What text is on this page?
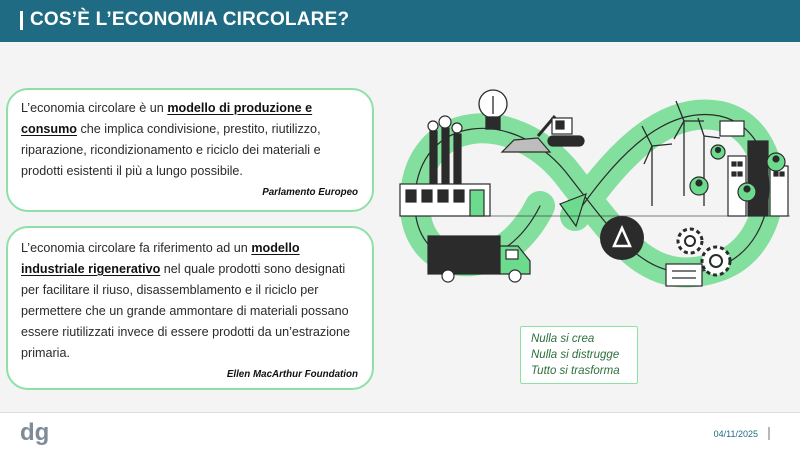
COS’È L’ECONOMIA CIRCOLARE?
L’economia circolare è un modello di produzione e consumo che implica condivisione, prestito, riutilizzo, riparazione, ricondizionamento e riciclo dei materiali e prodotti esistenti il più a lungo possibile.
Parlamento Europeo
L’economia circolare fa riferimento ad un modello industriale rigenerativo nel quale prodotti sono designati per facilitare il riuso, disassemblamento e il riciclo per permettere che un grande ammontare di materiali possano essere riutilizzati invece di essere prodotti da un’estrazione primaria.
Ellen MacArthur Foundation
Nulla si crea
Nulla si distrugge
Tutto si trasforma
dg	04/11/2025
